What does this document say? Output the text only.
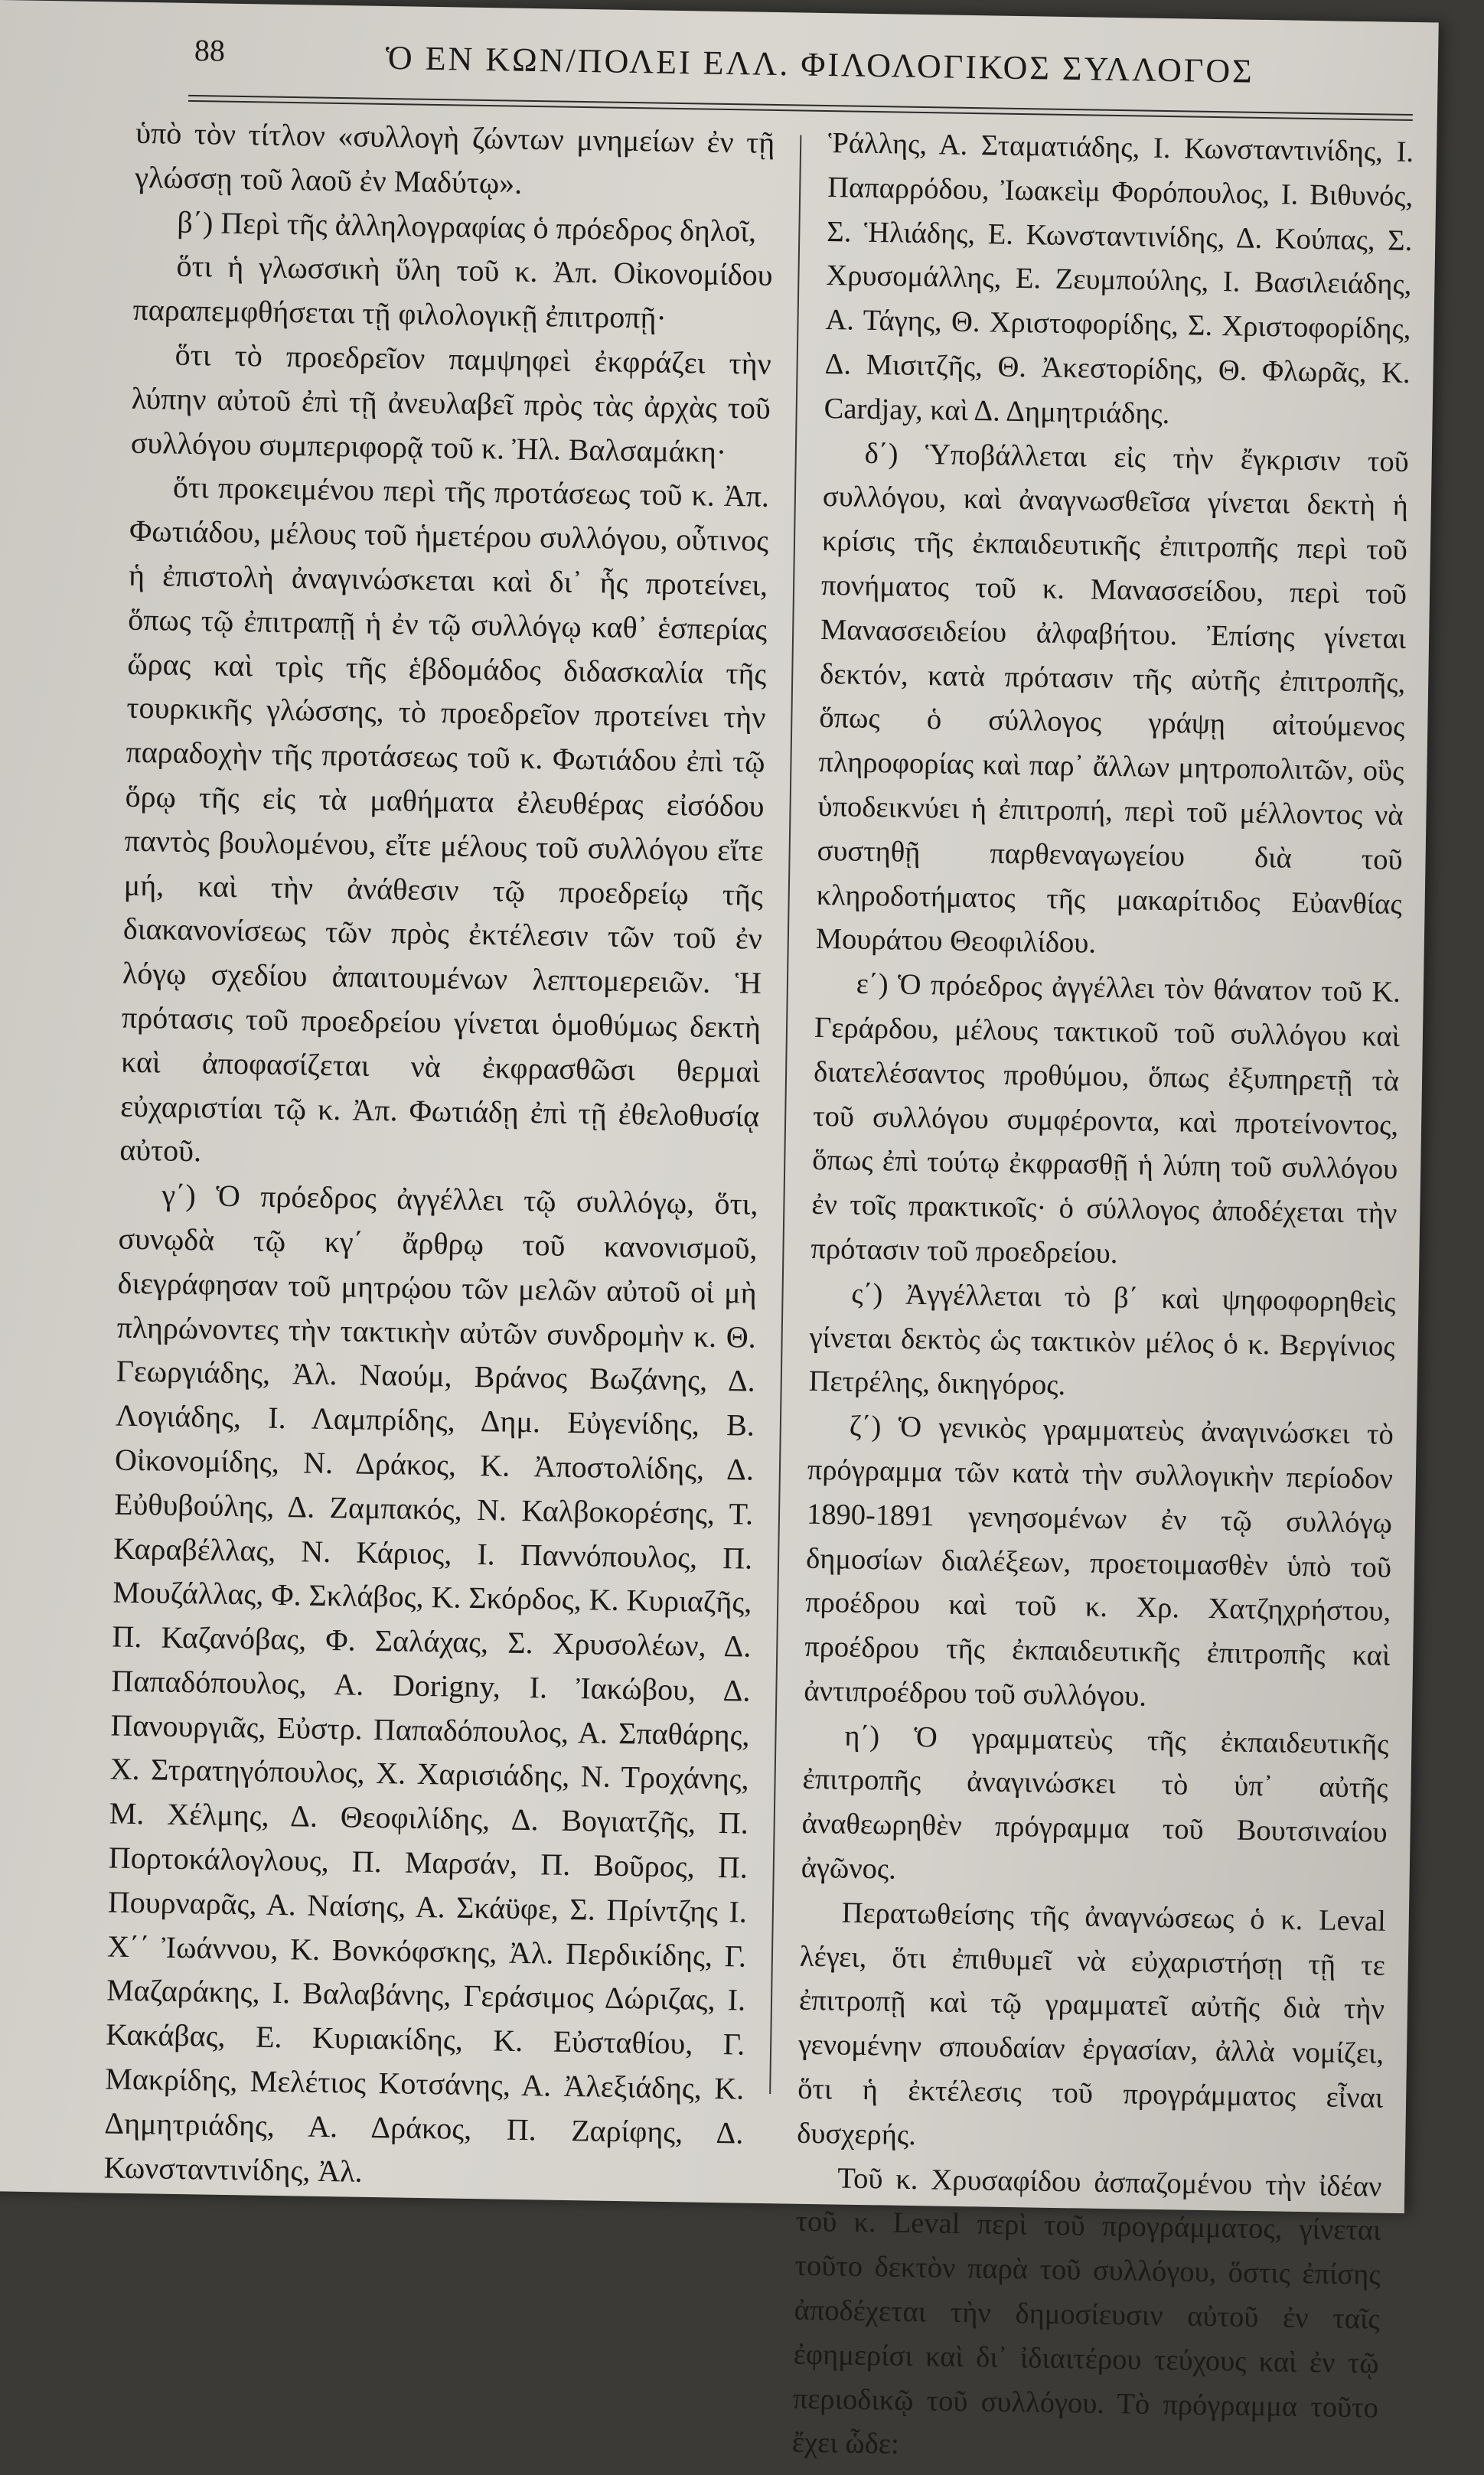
88	Ὁ ΕΝ ΚΩΝ/ΠΟΛΕΙ ΕΛΛ. ΦΙΛΟΛΟΓΙΚΟΣ ΣΥΛΛΟΓΟΣ

ὑπὸ τὸν τίτλον «συλλογὴ ζώντων μνημείων ἐν τῇ γλώσσῃ τοῦ λαοῦ ἐν Μαδύτῳ».

β΄) Περὶ τῆς ἀλληλογραφίας ὁ πρόεδρος δηλοῖ,

ὅτι ἡ γλωσσικὴ ὕλη τοῦ κ. Ἀπ. Οἰκονομίδου παραπεμφθήσεται τῇ φιλολογικῇ ἐπιτροπῇ·

ὅτι τὸ προεδρεῖον παμψηφεὶ ἐκφράζει τὴν λύπην αὐτοῦ ἐπὶ τῇ ἀνευλαβεῖ πρὸς τὰς ἀρχὰς τοῦ συλλόγου συμπεριφορᾷ τοῦ κ. Ἠλ. Βαλσαμάκη·

ὅτι προκειμένου περὶ τῆς προτάσεως τοῦ κ. Ἀπ. Φωτιάδου, μέλους τοῦ ἡμετέρου συλλόγου, οὗτινος ἡ ἐπιστολὴ ἀναγινώσκεται καὶ δι᾽ ἧς προτείνει, ὅπως τῷ ἐπιτραπῇ ἡ ἐν τῷ συλλόγῳ καθ᾽ ἑσπερίας ὥρας καὶ τρὶς τῆς ἑβδομάδος διδασκαλία τῆς τουρκικῆς γλώσσης, τὸ προεδρεῖον προτείνει τὴν παραδοχὴν τῆς προτάσεως τοῦ κ. Φωτιάδου ἐπὶ τῷ ὅρῳ τῆς εἰς τὰ μαθήματα ἐλευθέρας εἰσόδου παντὸς βουλομένου, εἴτε μέλους τοῦ συλλόγου εἴτε μή, καὶ τὴν ἀνάθεσιν τῷ προεδρείῳ τῆς διακανονίσεως τῶν πρὸς ἐκτέλεσιν τῶν τοῦ ἐν λόγῳ σχεδίου ἀπαιτουμένων λεπτομερειῶν. Ἡ πρότασις τοῦ προεδρείου γίνεται ὁμοθύμως δεκτὴ καὶ ἀποφασίζεται νὰ ἐκφρασθῶσι θερμαὶ εὐχαριστίαι τῷ κ. Ἀπ. Φωτιάδῃ ἐπὶ τῇ ἐθελοθυσίᾳ αὐτοῦ.

γ΄) Ὁ πρόεδρος ἀγγέλλει τῷ συλλόγῳ, ὅτι, συνῳδὰ τῷ κγ΄ ἄρθρῳ τοῦ κανονισμοῦ, διεγράφησαν τοῦ μητρῴου τῶν μελῶν αὐτοῦ οἱ μὴ πληρώνοντες τὴν τακτικὴν αὐτῶν συνδρομὴν κ. Θ. Γεωργιάδης, Ἀλ. Ναούμ, Βράνος Βωζάνης, Δ. Λογιάδης, Ι. Λαμπρίδης, Δημ. Εὐγενίδης, Β. Οἰκονομίδης, Ν. Δράκος, Κ. Ἀποστολίδης, Δ. Εὐθυβούλης, Δ. Ζαμπακός, Ν. Καλβοκορέσης, Τ. Καραβέλλας, Ν. Κάριος, Ι. Παννόπουλος, Π. Μουζάλλας, Φ. Σκλάβος, Κ. Σκόρδος, Κ. Κυριαζῆς, Π. Καζανόβας, Φ. Σαλάχας, Σ. Χρυσολέων, Δ. Παπαδόπουλος, Α. Dorigny, Ι. Ἰακώβου, Δ. Πανουργιᾶς, Εὐστρ. Παπαδόπουλος, Α. Σπαθάρης, Χ. Στρατηγόπουλος, Χ. Χαρισιάδης, Ν. Τροχάνης, Μ. Χέλμης, Δ. Θεοφιλίδης, Δ. Βογιατζῆς, Π. Πορτοκάλογλους, Π. Μαρσάν, Π. Βοῦρος, Π. Πουρναρᾶς, Α. Ναίσης, Α. Σκάϋφε, Σ. Πρίντζης Ι. Χ΄΄ Ἰωάννου, Κ. Βονκόφσκης, Ἀλ. Περδικίδης, Γ. Μαζαράκης, Ι. Βαλαβάνης, Γεράσιμος Δώριζας, Ι. Κακάβας, Ε. Κυριακίδης, Κ. Εὐσταθίου, Γ. Μακρίδης, Μελέτιος Κοτσάνης, Α. Ἀλεξιάδης, Κ. Δημητριάδης, Α. Δράκος, Π. Ζαρίφης, Δ. Κωνσταντινίδης, Ἀλ.

Ῥάλλης, Α. Σταματιάδης, Ι. Κωνσταντινίδης, Ι. Παπαρρόδου, Ἰωακεὶμ Φορόπουλος, Ι. Βιθυνός, Σ. Ἡλιάδης, Ε. Κωνσταντινίδης, Δ. Κούπας, Σ. Χρυσομάλλης, Ε. Ζευμπούλης, Ι. Βασιλειάδης, Α. Τάγης, Θ. Χριστοφορίδης, Σ. Χριστοφορίδης, Δ. Μισιτζῆς, Θ. Ἀκεστορίδης, Θ. Φλωρᾶς, Κ. Cardjay, καὶ Δ. Δημητριάδης.

δ΄) Ὑποβάλλεται εἰς τὴν ἔγκρισιν τοῦ συλλόγου, καὶ ἀναγνωσθεῖσα γίνεται δεκτὴ ἡ κρίσις τῆς ἐκπαιδευτικῆς ἐπιτροπῆς περὶ τοῦ πονήματος τοῦ κ. Μανασσείδου, περὶ τοῦ Μανασσειδείου ἀλφαβήτου. Ἐπίσης γίνεται δεκτόν, κατὰ πρότασιν τῆς αὐτῆς ἐπιτροπῆς, ὅπως ὁ σύλλογος γράψῃ αἰτούμενος πληροφορίας καὶ παρ᾽ ἄλλων μητροπολιτῶν, οὓς ὑποδεικνύει ἡ ἐπιτροπή, περὶ τοῦ μέλλοντος νὰ συστηθῇ παρθεναγωγείου διὰ τοῦ κληροδοτήματος τῆς μακαρίτιδος Εὐανθίας Μουράτου Θεοφιλίδου.

ε΄) Ὁ πρόεδρος ἀγγέλλει τὸν θάνατον τοῦ Κ. Γεράρδου, μέλους τακτικοῦ τοῦ συλλόγου καὶ διατελέσαντος προθύμου, ὅπως ἐξυπηρετῇ τὰ τοῦ συλλόγου συμφέροντα, καὶ προτείνοντος, ὅπως ἐπὶ τούτῳ ἐκφρασθῇ ἡ λύπη τοῦ συλλόγου ἐν τοῖς πρακτικοῖς· ὁ σύλλογος ἀποδέχεται τὴν πρότασιν τοῦ προεδρείου.

ς΄) Ἀγγέλλεται τὸ β΄ καὶ ψηφοφορηθεὶς γίνεται δεκτὸς ὡς τακτικὸν μέλος ὁ κ. Βεργίνιος Πετρέλης, δικηγόρος.

ζ΄) Ὁ γενικὸς γραμματεὺς ἀναγινώσκει τὸ πρόγραμμα τῶν κατὰ τὴν συλλογικὴν περίοδον 1890-1891 γενησομένων ἐν τῷ συλλόγῳ δημοσίων διαλέξεων, προετοιμασθὲν ὑπὸ τοῦ προέδρου καὶ τοῦ κ. Χρ. Χατζηχρήστου, προέδρου τῆς ἐκπαιδευτικῆς ἐπιτροπῆς καὶ ἀντιπροέδρου τοῦ συλλόγου.

η΄) Ὁ γραμματεὺς τῆς ἐκπαιδευτικῆς ἐπιτροπῆς ἀναγινώσκει τὸ ὑπ᾽ αὐτῆς ἀναθεωρηθὲν πρόγραμμα τοῦ Βουτσιναίου ἀγῶνος.

Περατωθείσης τῆς ἀναγνώσεως ὁ κ. Leval λέγει, ὅτι ἐπιθυμεῖ νὰ εὐχαριστήσῃ τῇ τε ἐπιτροπῇ καὶ τῷ γραμματεῖ αὐτῆς διὰ τὴν γενομένην σπουδαίαν ἐργασίαν, ἀλλὰ νομίζει, ὅτι ἡ ἐκτέλεσις τοῦ προγράμματος εἶναι δυσχερής.

Τοῦ κ. Χρυσαφίδου ἀσπαζομένου τὴν ἰδέαν τοῦ κ. Leval περὶ τοῦ προγράμματος, γίνεται τοῦτο δεκτὸν παρὰ τοῦ συλλόγου, ὅστις ἐπίσης ἀποδέχεται τὴν δημοσίευσιν αὐτοῦ ἐν ταῖς ἐφημερίσι καὶ δι᾽ ἰδιαιτέρου τεύχους καὶ ἐν τῷ περιοδικῷ τοῦ συλλόγου. Τὸ πρόγραμμα τοῦτο ἔχει ὧδε:
